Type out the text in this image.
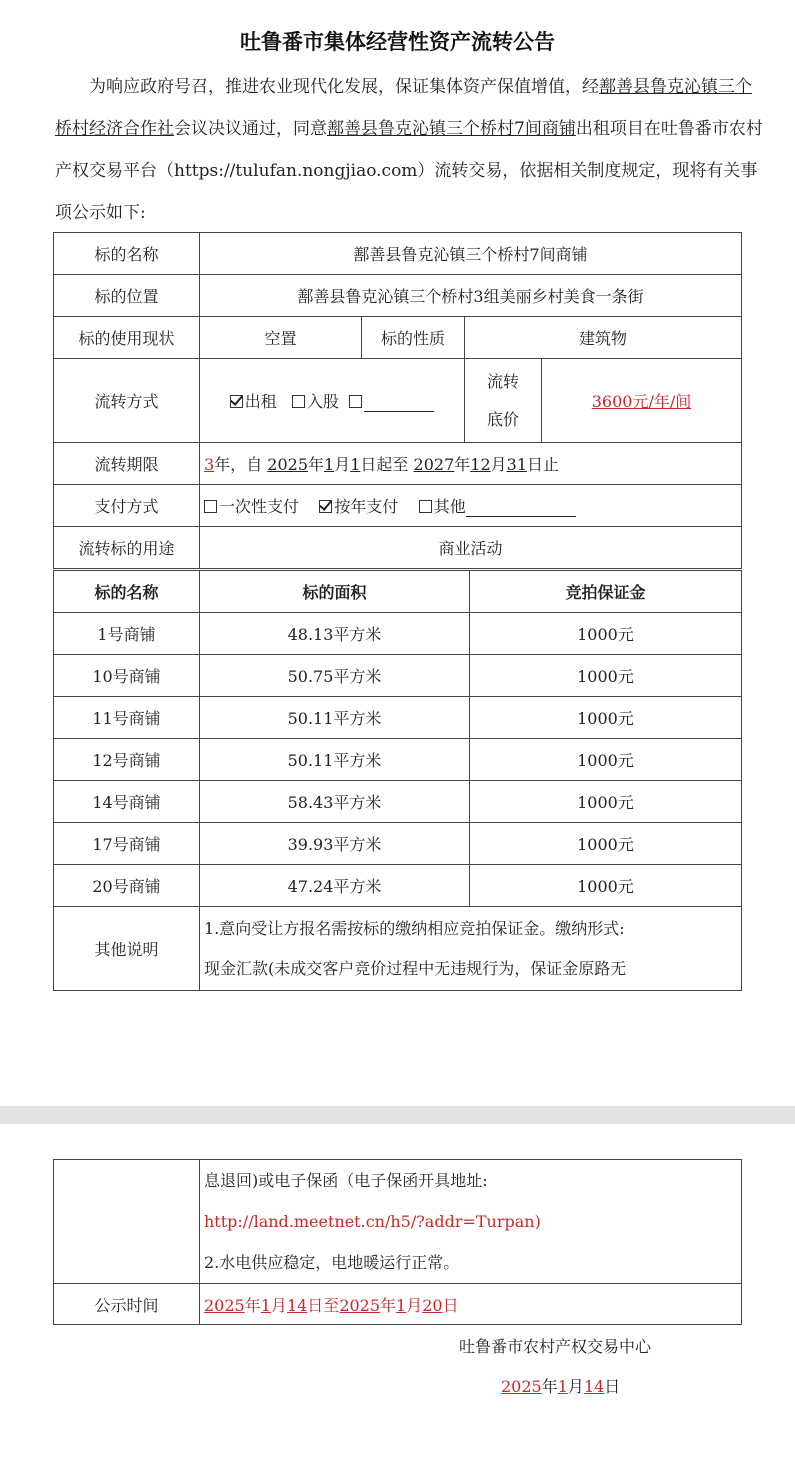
吐鲁番市集体经营性资产流转公告
为响应政府号召，推进农业现代化发展，保证集体资产保值增值，经鄯善县鲁克沁镇三个桥村经济合作社会议决议通过，同意鄯善县鲁克沁镇三个桥村7间商铺出租项目在吐鲁番市农村产权交易平台（https://tulufan.nongjiao.com）流转交易，依据相关制度规定，现将有关事项公示如下:
标的名称	鄯善县鲁克沁镇三个桥村7间商铺			
标的位置	鄯善县鲁克沁镇三个桥村3组美丽乡村美食一条街			
标的使用现状	空置	标的性质	建筑物	
流转方式	出租 入股		流转
底价	3600元/年/间
流转期限	3年，自 2025年1月1日起至 2027年12月31日止			
支付方式	一次性支付 按年支付 其他			
流转标的用途	商业活动			
标的名称	标的面积	竞拍保证金
1号商铺	48.13平方米	1000元
10号商铺	50.75平方米	1000元
11号商铺	50.11平方米	1000元
12号商铺	50.11平方米	1000元
14号商铺	58.43平方米	1000元
17号商铺	39.93平方米	1000元
20号商铺	47.24平方米	1000元
其他说明	1.意向受让方报名需按标的缴纳相应竞拍保证金。缴纳形式:
现金汇款(未成交客户竞价过程中无违规行为，保证金原路无	

	息退回)或电子保函（电子保函开具地址:
http://land.meetnet.cn/h5/?addr=Turpan)
2.水电供应稳定，电地暖运行正常。

公示时间	2025年1月14日至2025年1月20日
吐鲁番市农村产权交易中心
2025年1月14日
